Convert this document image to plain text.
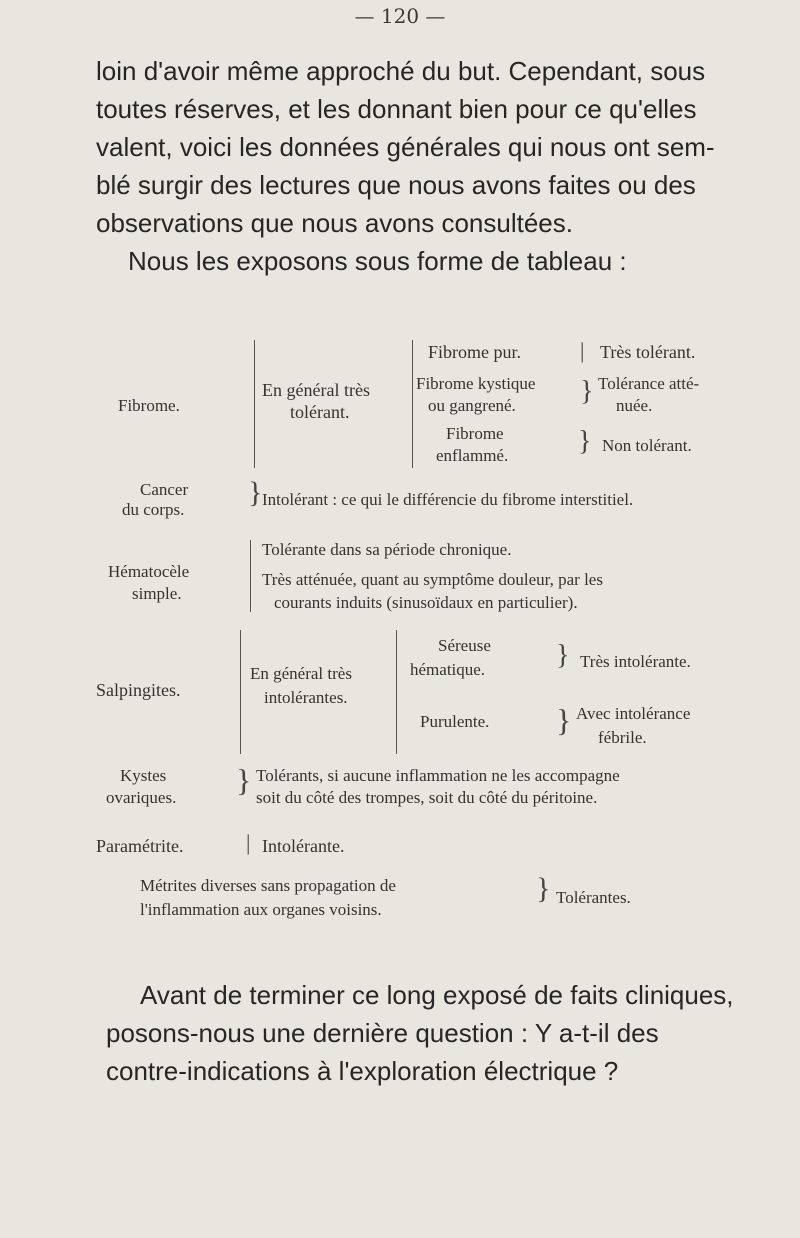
— 120 —
loin d'avoir même approché du but. Cependant, sous
toutes réserves, et les donnant bien pour ce qu'elles
valent, voici les données générales qui nous ont sem-
blé surgir des lectures que nous avons faites ou des
observations que nous avons consultées.
Nous les exposons sous forme de tableau :
Fibrome.
En général très
tolérant.
Fibrome pur.
Fibrome kystique
ou gangrené.
Fibrome
enflammé.
|
}
}
Très tolérant.
Tolérance atté-
nuée.
Non tolérant.
Cancer
du corps.
} Intolérant : ce qui le différencie du fibrome interstitiel.
Hématocèle
simple.
Tolérante dans sa période chronique.
Très atténuée, quant au symptôme douleur, par les
courants induits (sinusoïdaux en particulier).
Salpingites.
En général très
intolérantes.
Séreuse
hématique.
Purulente.
}
}
Très intolérante.
Avec intolérance
fébrile.
Kystes
ovariques. } Tolérants, si aucune inflammation ne les accompagne
soit du côté des trompes, soit du côté du péritoine.
Paramétrite.	| Intolérante.
Métrites diverses sans propagation de
l'inflammation aux organes voisins.
} Tolérantes.
Avant de terminer ce long exposé de faits cliniques,
posons-nous une dernière question : Y a-t-il des
contre-indications à l'exploration électrique ?
